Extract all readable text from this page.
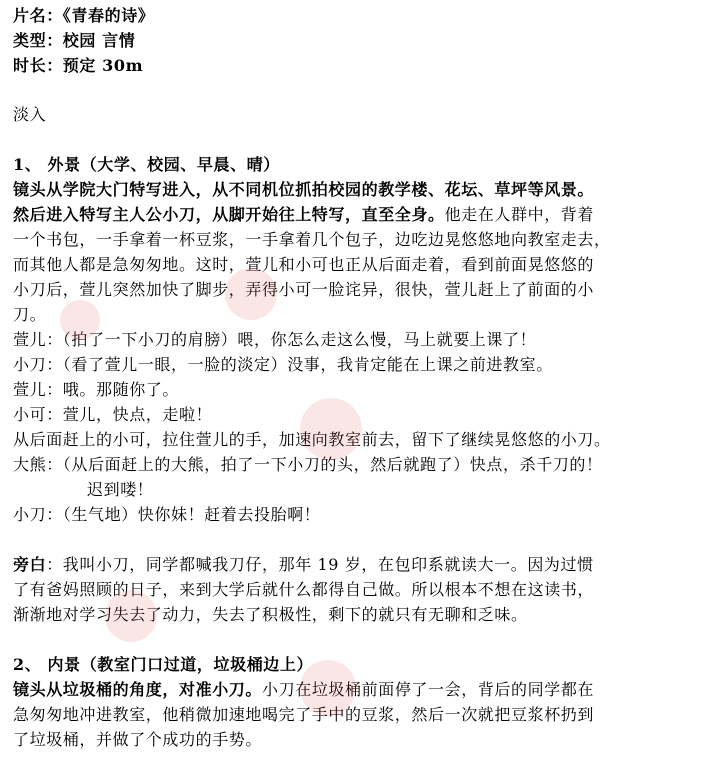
片名：《青春的诗》
类型：校园 言情
时长：预定 30m
淡入
1、 外景（大学、校园、早晨、晴）
镜头从学院大门特写进入，从不同机位抓拍校园的教学楼、花坛、草坪等风景。
然后进入特写主人公小刀，从脚开始往上特写，直至全身。他走在人群中，背着
一个书包，一手拿着一杯豆浆，一手拿着几个包子，边吃边晃悠悠地向教室走去，
而其他人都是急匆匆地。这时，萱儿和小可也正从后面走着，看到前面晃悠悠的
小刀后，萱儿突然加快了脚步，弄得小可一脸诧异，很快，萱儿赶上了前面的小
刀。
萱儿：（拍了一下小刀的肩膀）喂，你怎么走这么慢，马上就要上课了！
小刀：（看了萱儿一眼，一脸的淡定）没事，我肯定能在上课之前进教室。
萱儿：哦。那随你了。
小可：萱儿，快点，走啦！
从后面赶上的小可，拉住萱儿的手，加速向教室前去，留下了继续晃悠悠的小刀。
大熊：（从后面赶上的大熊，拍了一下小刀的头，然后就跑了）快点，杀千刀的！
迟到喽！
小刀：（生气地）快你妹！赶着去投胎啊！
旁白：我叫小刀，同学都喊我刀仔，那年 19 岁，在包印系就读大一。因为过惯
了有爸妈照顾的日子，来到大学后就什么都得自己做。所以根本不想在这读书，
渐渐地对学习失去了动力，失去了积极性，剩下的就只有无聊和乏味。
2、 内景（教室门口过道，垃圾桶边上）
镜头从垃圾桶的角度，对准小刀。小刀在垃圾桶前面停了一会，背后的同学都在
急匆匆地冲进教室，他稍微加速地喝完了手中的豆浆，然后一次就把豆浆杯扔到
了垃圾桶，并做了个成功的手势。
